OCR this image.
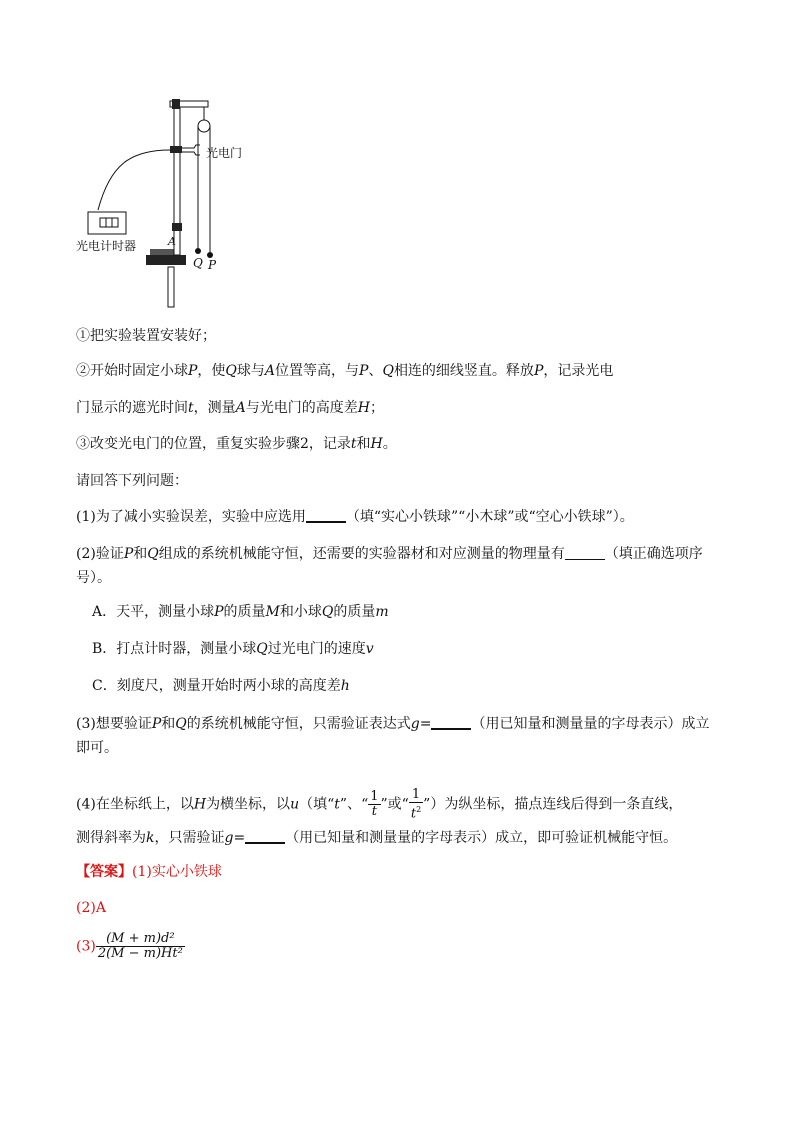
A
光电门
光电计时器
Q P
①把实验装置安装好；
②开始时固定小球P，使Q球与A位置等高，与P、Q相连的细线竖直。释放P，记录光电
门显示的遮光时间t，测量A与光电门的高度差H；
③改变光电门的位置，重复实验步骤2，记录t和H。
请回答下列问题：
(1)为了减小实验误差，实验中应选用	（填“实心小铁球”“小木球”或“空心小铁球”）。
(2)验证P和Q组成的系统机械能守恒，还需要的实验器材和对应测量的物理量有	（填正确选项序
号）。
A．天平，测量小球P的质量M和小球Q的质量m
B．打点计时器，测量小球Q过光电门的速度v
C．刻度尺，测量开始时两小球的高度差h
(3)想要验证P和Q的系统机械能守恒，只需验证表达式g=	（用已知量和测量量的字母表示）成立
即可。
(4)在坐标纸上，以H为横坐标，以u（填“t”、“ $\frac{1}{t}$ ”或“ $\frac{1}{t^2}$ ”）为纵坐标，描点连线后得到一条直线，
测得斜率为k，只需验证g=	（用已知量和测量量的字母表示）成立，即可验证机械能守恒。
【答案】(1)实心小铁球
(2)A
$(3) \frac{\text{(M + m)d²}}{\text{2(M − m)Ht²}}$
